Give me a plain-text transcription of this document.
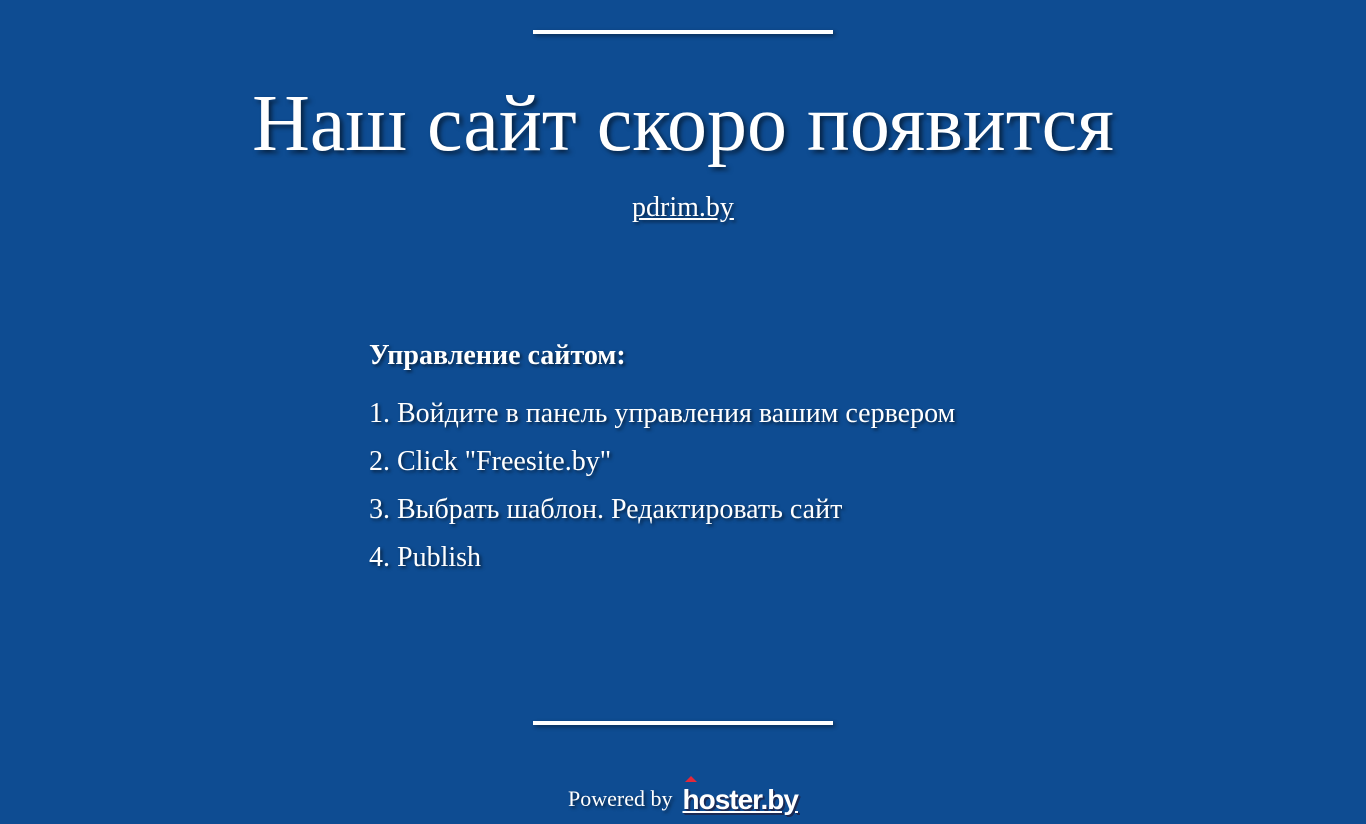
Наш сайт скоро появится
pdrim.by
Управление сайтом:
1. Войдите в панель управления вашим сервером
2. Click "Freesite.by"
3. Выбрать шаблон. Редактировать сайт
4. Publish
Powered by hoster.by
